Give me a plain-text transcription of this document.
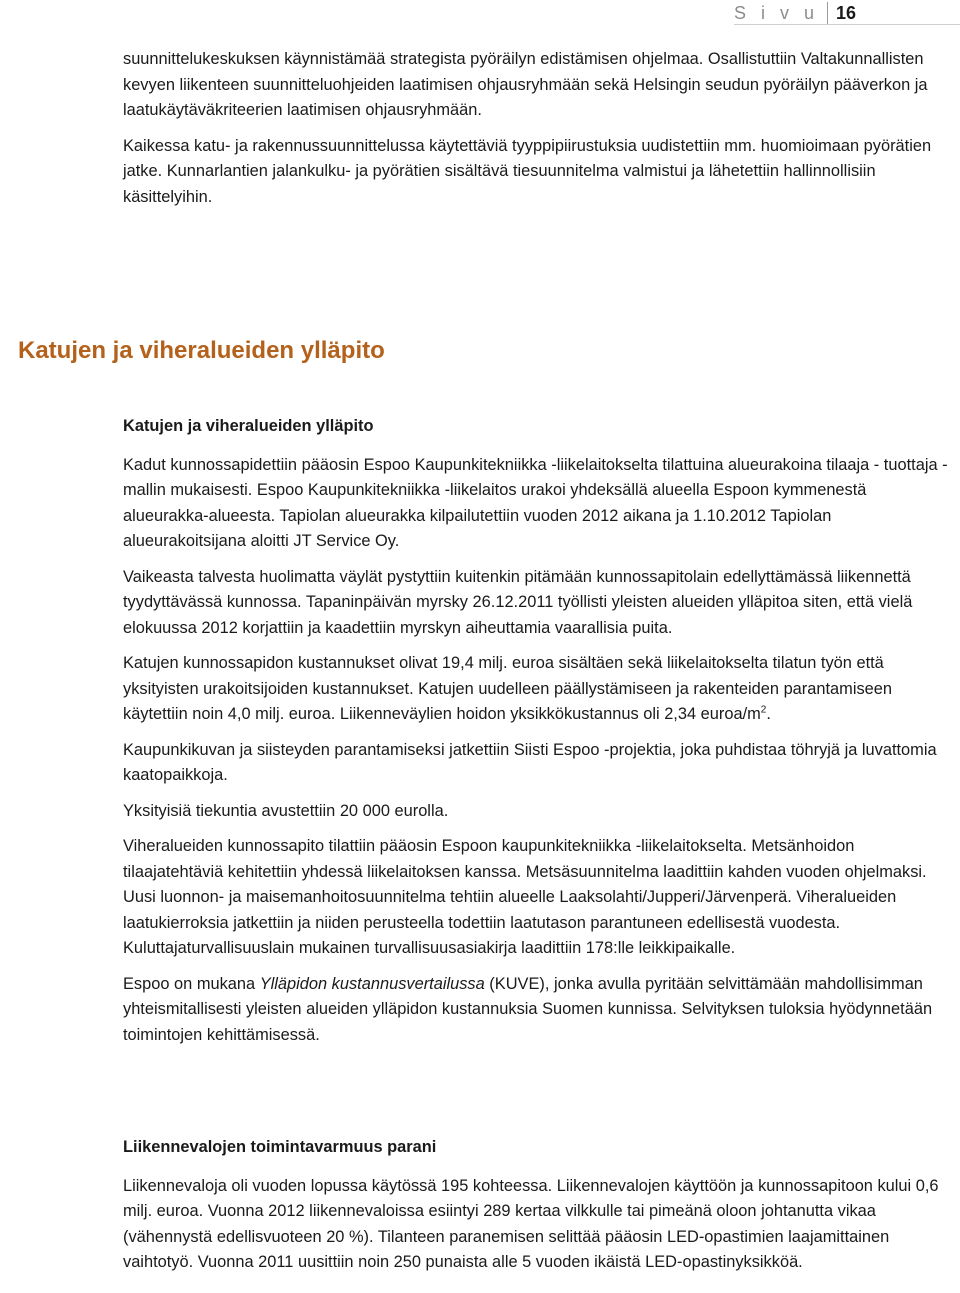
S i v u 16

suunnittelukeskuksen käynnistämää strategista pyöräilyn edistämisen ohjelmaa. Osallistuttiin Valtakunnallisten kevyen liikenteen suunnitteluohjeiden laatimisen ohjausryhmään sekä Helsingin seudun pyöräilyn pääverkon ja laatukäytäväkriteerien laatimisen ohjausryhmään.

Kaikessa katu- ja rakennussuunnittelussa käytettäviä tyyppipiirustuksia uudistettiin mm. huomioimaan pyörätien jatke. Kunnarlantien jalankulku- ja pyörätien sisältävä tiesuunnitelma valmistui ja lähetettiin hallinnollisiin käsittelyihin.

Katujen ja viheralueiden ylläpito

Katujen ja viheralueiden ylläpito

Kadut kunnossapidettiin pääosin Espoo Kaupunkitekniikka -liikelaitokselta tilattuina alueurakoina tilaaja - tuottaja -mallin mukaisesti. Espoo Kaupunkitekniikka -liikelaitos urakoi yhdeksällä alueella Espoon kymmenestä alueurakka-alueesta. Tapiolan alueurakka kilpailutettiin vuoden 2012 aikana ja 1.10.2012 Tapiolan alueurakoitsijana aloitti JT Service Oy.

Vaikeasta talvesta huolimatta väylät pystyttiin kuitenkin pitämään kunnossapitolain edellyttämässä liikennettä tyydyttävässä kunnossa. Tapaninpäivän myrsky 26.12.2011 työllisti yleisten alueiden ylläpitoa siten, että vielä elokuussa 2012 korjattiin ja kaadettiin myrskyn aiheuttamia vaarallisia puita.

Katujen kunnossapidon kustannukset olivat 19,4 milj. euroa sisältäen sekä liikelaitokselta tilatun työn että yksityisten urakoitsijoiden kustannukset. Katujen uudelleen päällystämiseen ja rakenteiden parantamiseen käytettiin noin 4,0 milj. euroa. Liikenneväylien hoidon yksikkökustannus oli 2,34 euroa/$m^2$.

Kaupunkikuvan ja siisteyden parantamiseksi jatkettiin Siisti Espoo -projektia, joka puhdistaa töhryjä ja luvattomia kaatopaikkoja.

Yksityisiä tiekuntia avustettiin 20 000 eurolla.

Viheralueiden kunnossapito tilattiin pääosin Espoon kaupunkitekniikka -liikelaitokselta. Metsänhoidon tilaajatehtäviä kehitettiin yhdessä liikelaitoksen kanssa. Metsäsuunnitelma laadittiin kahden vuoden ohjelmaksi. Uusi luonnon- ja maisemanhoitosuunnitelma tehtiin alueelle Laaksolahti/Jupperi/Järvenperä. Viheralueiden laatukierroksia jatkettiin ja niiden perusteella todettiin laatutason parantuneen edellisestä vuodesta. Kuluttajaturvallisuuslain mukainen turvallisuusasiakirja laadittiin 178:lle leikkipaikalle.

Espoo on mukana Ylläpidon kustannusvertailussa (KUVE), jonka avulla pyritään selvittämään mahdollisimman yhteismitallisesti yleisten alueiden ylläpidon kustannuksia Suomen kunnissa. Selvityksen tuloksia hyödynnetään toimintojen kehittämisessä.

Liikennevalojen toimintavarmuus parani

Liikennevaloja oli vuoden lopussa käytössä 195 kohteessa. Liikennevalojen käyttöön ja kunnossapitoon kului 0,6 milj. euroa. Vuonna 2012 liikennevaloissa esiintyi 289 kertaa vilkkulle tai pimeänä oloon johtanutta vikaa (vähennystä edellisvuoteen 20 %). Tilanteen paranemisen selittää pääosin LED-opastimien laajamittainen vaihtotyö. Vuonna 2011 uusittiin noin 250 punaista alle 5 vuoden ikäistä LED-opastinyksikköä.
